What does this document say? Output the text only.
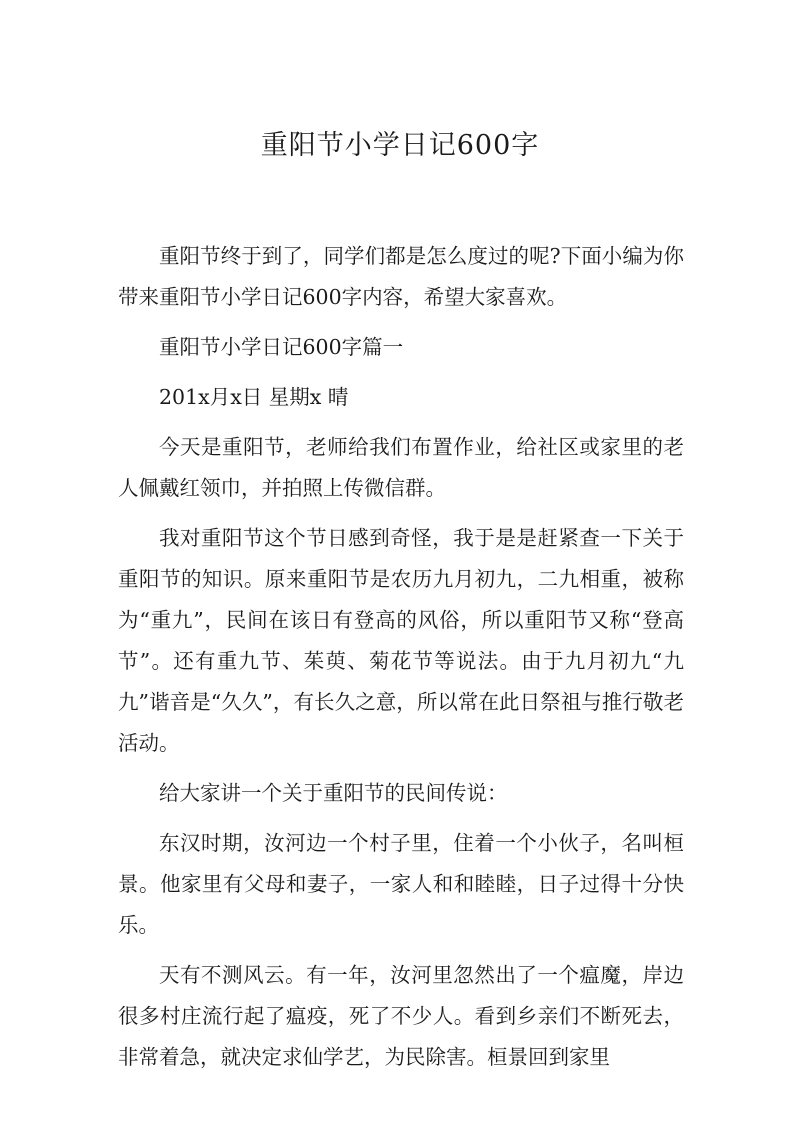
重阳节小学日记600字

重阳节终于到了，同学们都是怎么度过的呢?下面小编为你带来重阳节小学日记600字内容，希望大家喜欢。

重阳节小学日记600字篇一

201x月x日 星期x 晴

今天是重阳节，老师给我们布置作业，给社区或家里的老人佩戴红领巾，并拍照上传微信群。

我对重阳节这个节日感到奇怪，我于是是赶紧查一下关于重阳节的知识。原来重阳节是农历九月初九，二九相重，被称为“重九”，民间在该日有登高的风俗，所以重阳节又称“登高节”。还有重九节、茱萸、菊花节等说法。由于九月初九“九九”谐音是“久久”，有长久之意，所以常在此日祭祖与推行敬老活动。

给大家讲一个关于重阳节的民间传说：

东汉时期，汝河边一个村子里，住着一个小伙子，名叫桓景。他家里有父母和妻子，一家人和和睦睦，日子过得十分快乐。

天有不测风云。有一年，汝河里忽然出了一个瘟魔，岸边很多村庄流行起了瘟疫，死了不少人。看到乡亲们不断死去，非常着急，就决定求仙学艺，为民除害。桓景回到家里
